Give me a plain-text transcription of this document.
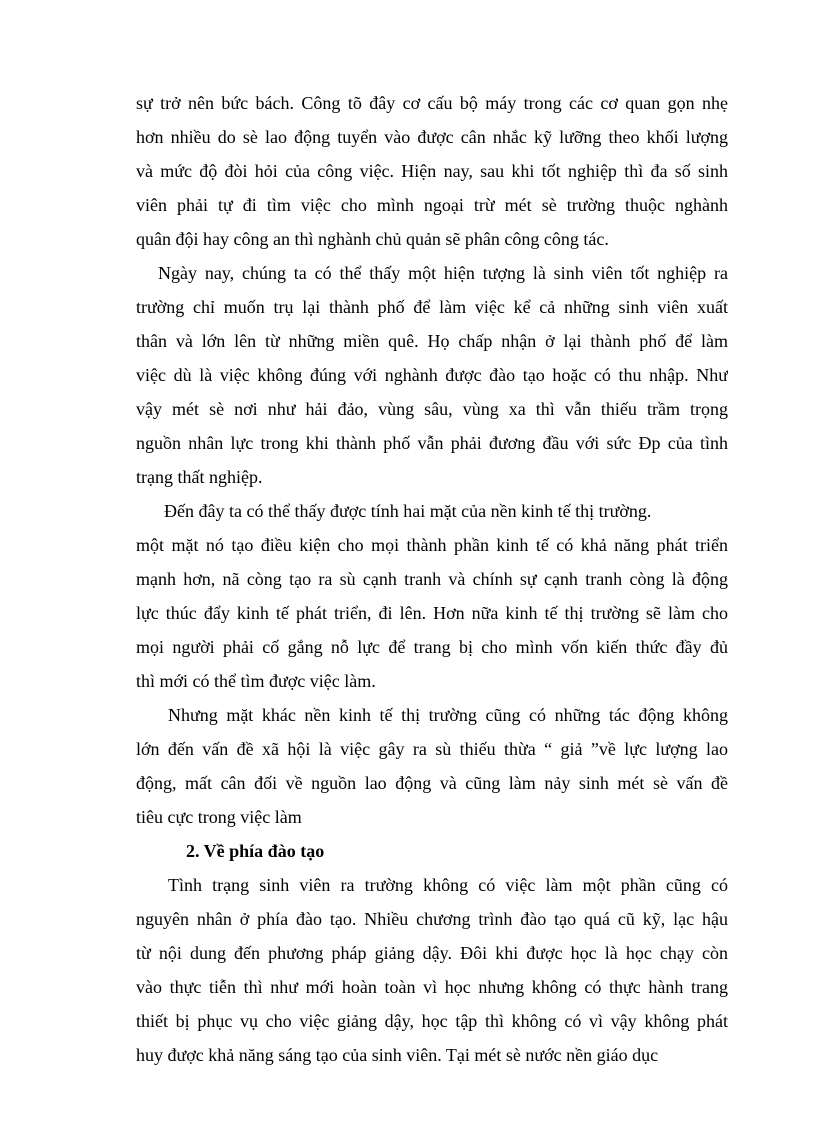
sự trở nên bức bách. Công tõ đây cơ cấu bộ máy trong các cơ quan gọn nhẹ
hơn nhiều do sè lao động tuyển vào được cân nhắc kỹ lưỡng theo khối lượng
và mức độ đòi hỏi của công việc. Hiện nay, sau khi tốt nghiệp thì đa số sinh
viên phải tự đi tìm việc cho mình ngoại trừ mét sè trường thuộc nghành
quân đội hay công an thì nghành chủ quản sẽ phân công công tác.
Ngày nay, chúng ta có thể thấy một hiện tượng là sinh viên tốt nghiệp ra
trường chỉ muốn trụ lại thành phố để làm việc kể cả những sinh viên xuất
thân và lớn lên từ những miền quê. Họ chấp nhận ở lại thành phố để làm
việc dù là việc không đúng với nghành được đào tạo hoặc có thu nhập. Như
vậy mét sè nơi như hải đảo, vùng sâu, vùng xa thì vẫn thiếu trầm trọng
nguồn nhân lực trong khi thành phố vẫn phải đương đầu với sức Ðp của tình
trạng thất nghiệp.
Đến đây ta có thể thấy được tính hai mặt của nền kinh tế thị trường.
một mặt nó tạo điều kiện cho mọi thành phần kinh tế có khả năng phát triển
mạnh hơn, nã còng tạo ra sù cạnh tranh và chính sự cạnh tranh còng là động
lực thúc đẩy kinh tế phát triển, đi lên. Hơn nữa kinh tế thị trường sẽ làm cho
mọi người phải cố gắng nỗ lực để trang bị cho mình vốn kiến thức đầy đủ
thì mới có thể tìm được việc làm.
Nhưng mặt khác nền kinh tế thị trường cũng có những tác động không
lớn đến vấn đề xã hội là việc gây ra sù thiếu thừa “ giả ”về lực lượng lao
động, mất cân đối về nguồn lao động và cũng làm nảy sinh mét sè vấn đề
tiêu cực trong việc làm
2. Về phía đào tạo
Tình trạng sinh viên ra trường không có việc làm một phần cũng có
nguyên nhân ở phía đào tạo. Nhiều chương trình đào tạo quá cũ kỹ, lạc hậu
từ nội dung đến phương pháp giảng dậy. Đôi khi được học là học chạy còn
vào thực tiễn thì như mới hoàn toàn vì học nhưng không có thực hành trang
thiết bị phục vụ cho việc giảng dậy, học tập thì không có vì vậy không phát
huy được khả năng sáng tạo của sinh viên. Tại mét sè nước nền giáo dục
